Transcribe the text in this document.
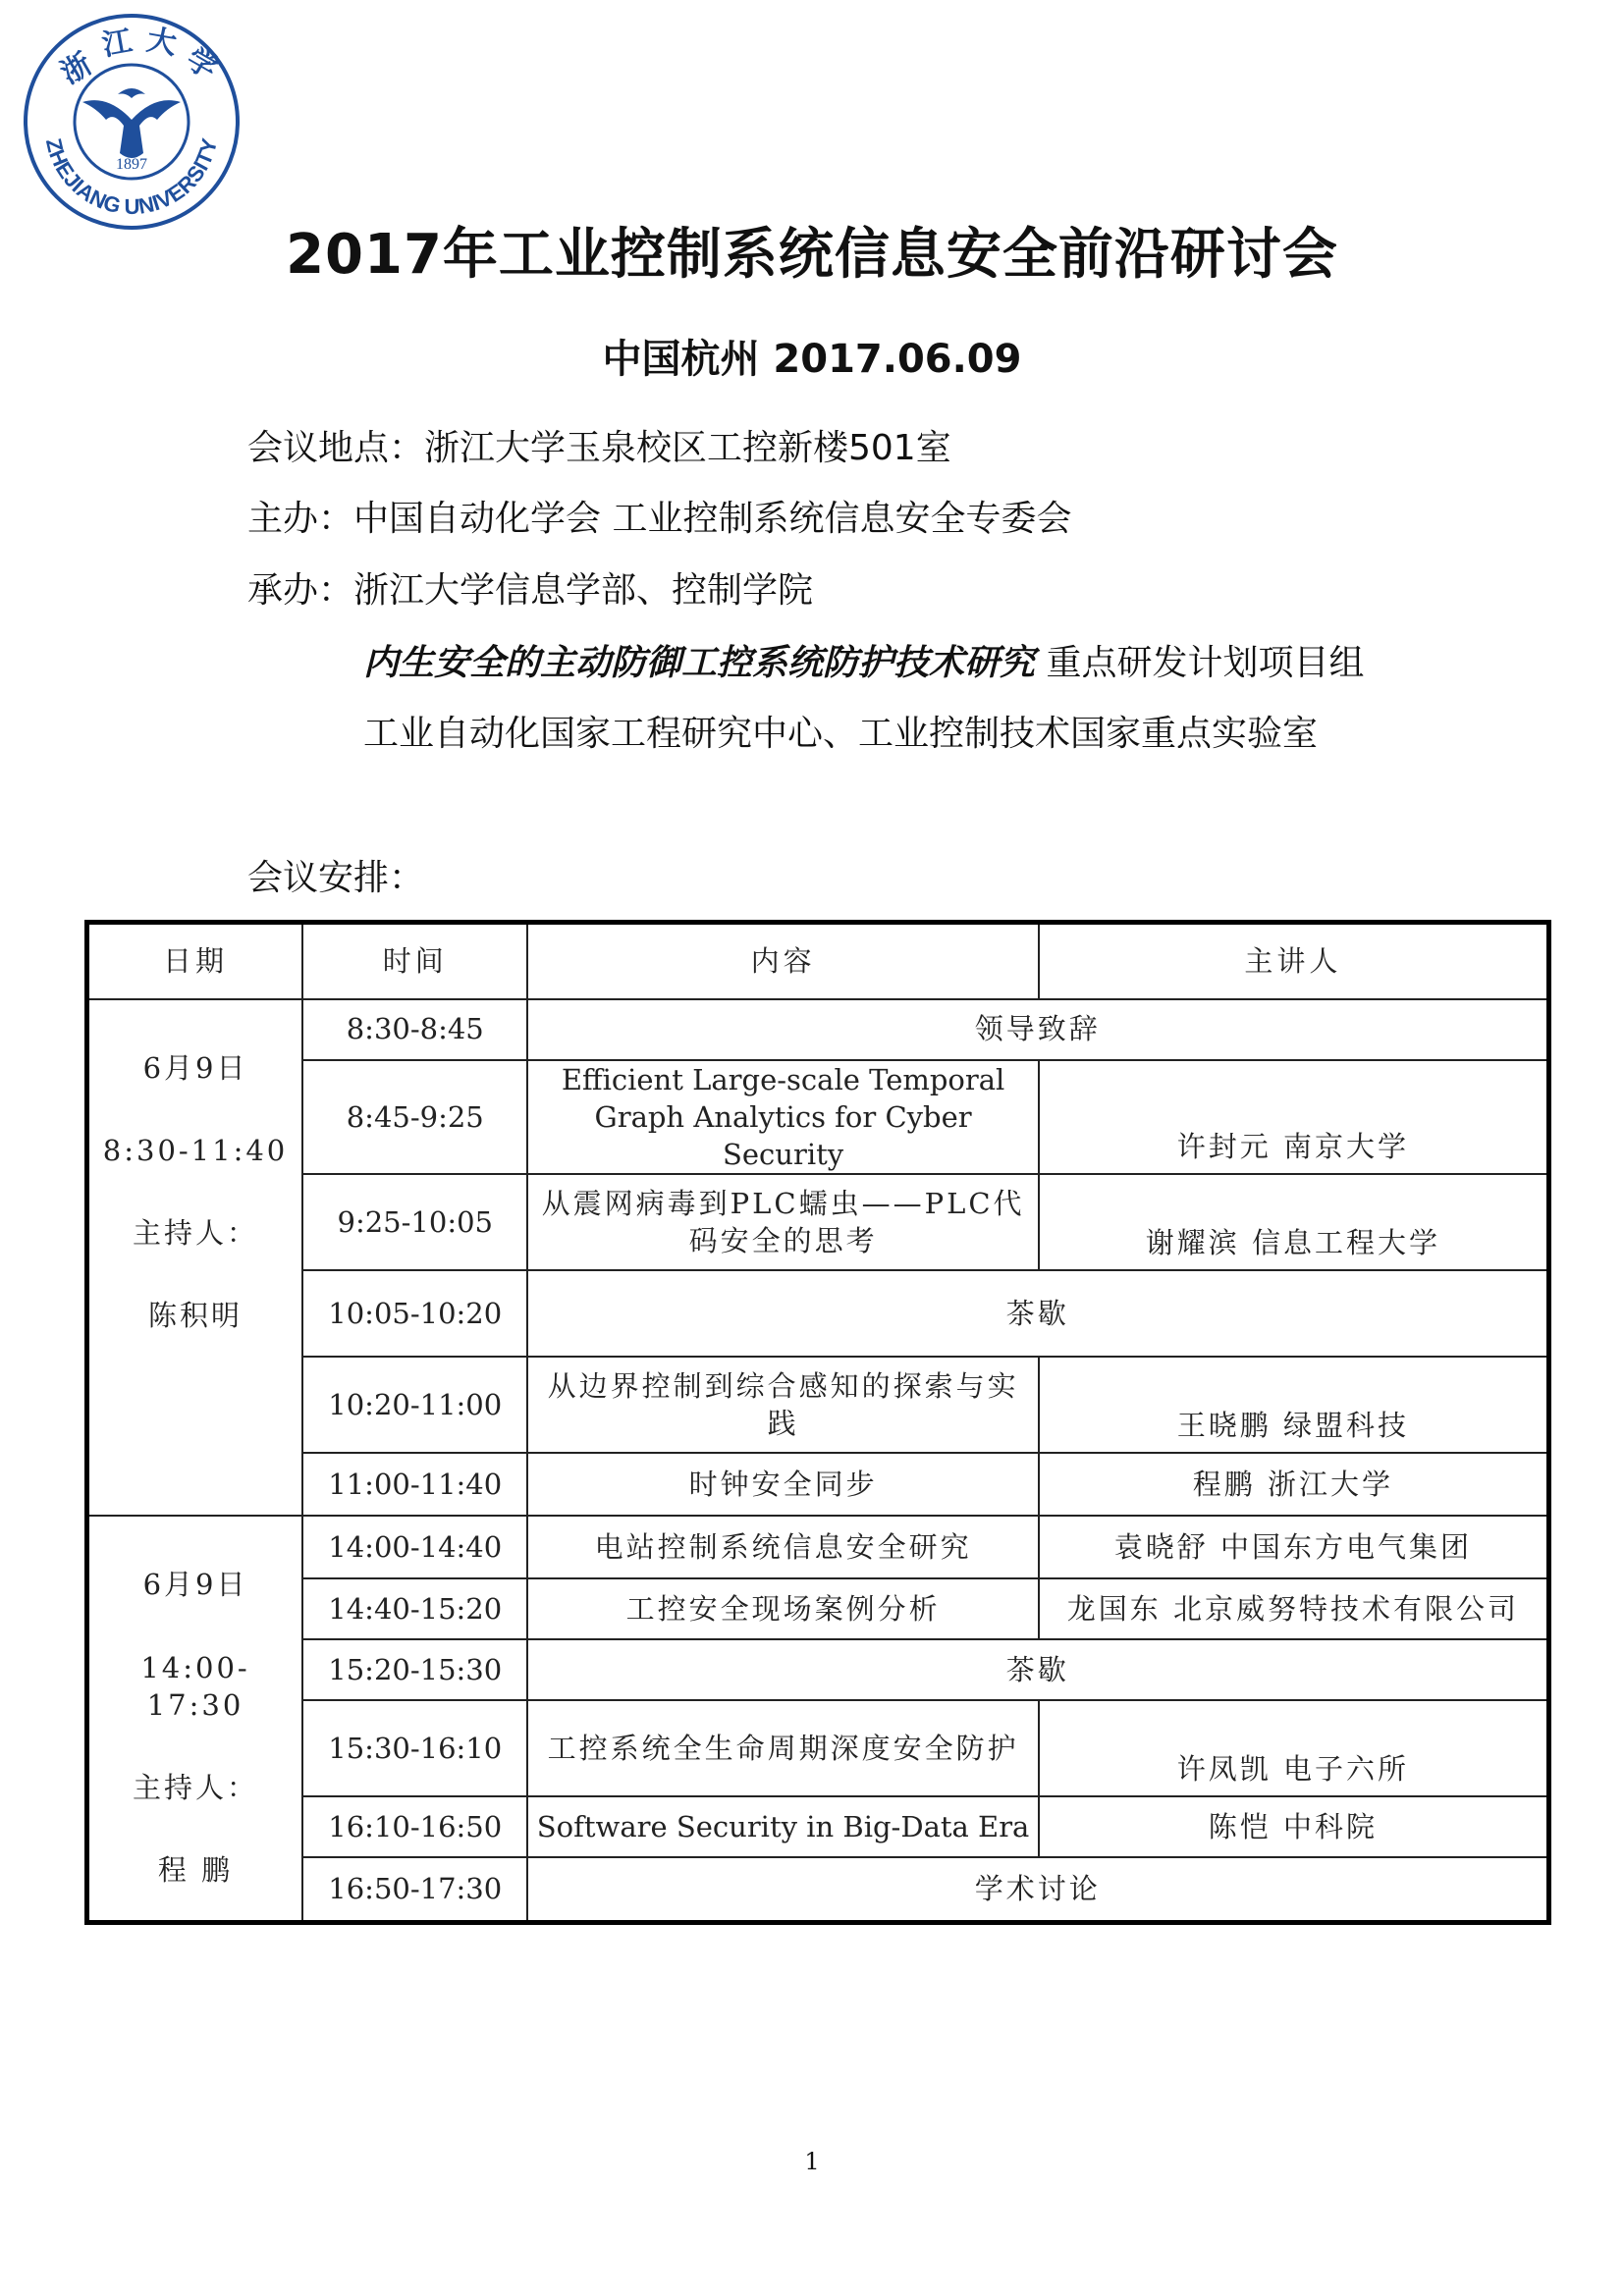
1897
浙
江 大 学
ZHEJIANG UNIVERSITY
2017年工业控制系统信息安全前沿研讨会
中国杭州 2017.06.09
会议地点：浙江大学玉泉校区工控新楼501室
主办：中国自动化学会 工业控制系统信息安全专委会
承办：浙江大学信息学部、控制学院
内生安全的主动防御工控系统防护技术研究 重点研发计划项目组
工业自动化国家工程研究中心、工业控制技术国家重点实验室
会议安排：
日期	时间	内容	主讲人

6月9日
8:30-11:40
主持人：
陈积明	8:30-8:45	领导致辞	
	8:45-9:25	Efficient Large-scale Temporal Graph Analytics for Cyber Security	许封元 南京大学
	9:25-10:05	从震网病毒到PLC蠕虫——PLC代码安全的思考	谢耀滨 信息工程大学
	10:05-10:20	茶歇	
	10:20-11:00	从边界控制到综合感知的探索与实践	王晓鹏 绿盟科技
	11:00-11:40	时钟安全同步	程鹏 浙江大学

6月9日
14:00-17:30
主持人：
程 鹏	14:00-14:40	电站控制系统信息安全研究	袁晓舒 中国东方电气集团
	14:40-15:20	工控安全现场案例分析	龙国东 北京威努特技术有限公司
	15:20-15:30	茶歇	
	15:30-16:10	工控系统全生命周期深度安全防护	许凤凯 电子六所
	16:10-16:50	Software Security in Big-Data Era	陈恺 中科院
	16:50-17:30	学术讨论	
1
